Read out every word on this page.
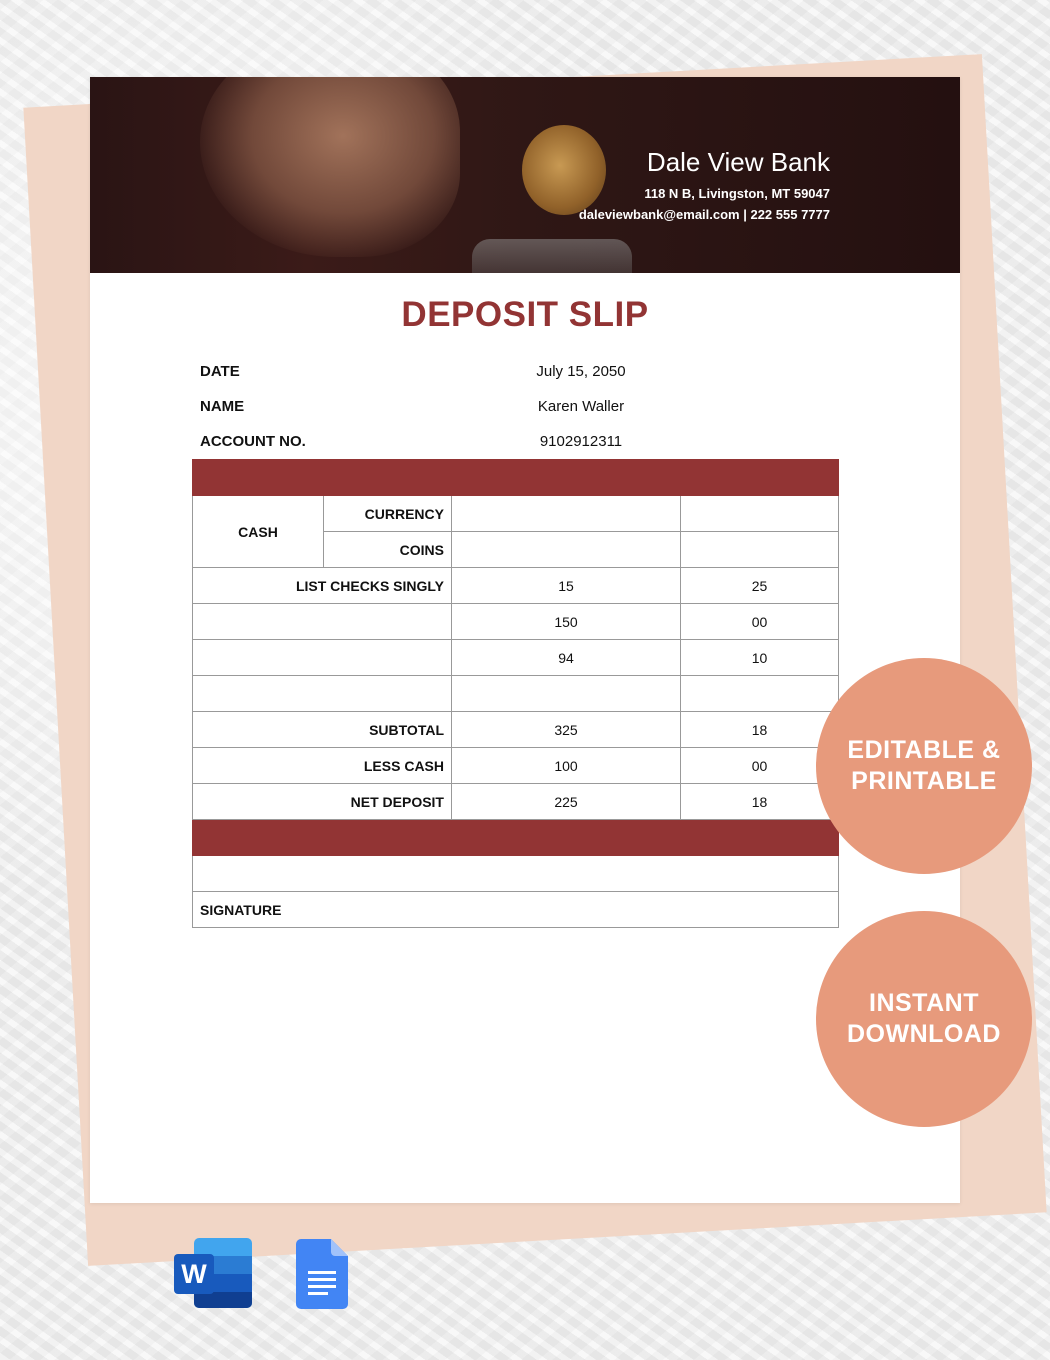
Dale View Bank
118 N B, Livingston, MT 59047
daleviewbank@email.com | 222 555 7777
DEPOSIT SLIP
DATE	July 15, 2050
NAME	Karen Waller
ACCOUNT NO.	9102912311

CASH	CURRENCY		
	COINS		
LIST CHECKS SINGLY		15	25
		150	00
		94	10

SUBTOTAL		325	18
LESS CASH		100	00
NET DEPOSIT		225	18

SIGNATURE			
EDITABLE &
PRINTABLE
INSTANT
DOWNLOAD
W
